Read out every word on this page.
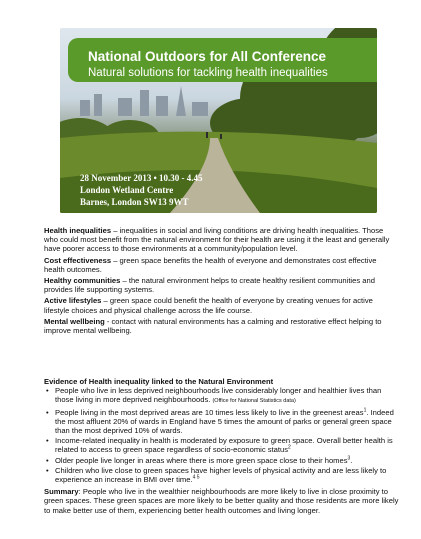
National Outdoors for All Conference
Natural solutions for tackling health inequalities
28 November 2013 • 10.30 - 4.45
London Wetland Centre
Barnes, London SW13 9WT
Health inequalities – inequalities in social and living conditions are driving health inequalities. Those who could most benefit from the natural environment for their health are using it the least and generally have poorer access to those environments at a community/population level.
Cost effectiveness – green space benefits the health of everyone and demonstrates cost effective health outcomes.
Healthy communities – the natural environment helps to create healthy resilient communities and provides life supporting systems.
Active lifestyles – green space could benefit the health of everyone by creating venues for active lifestyle choices and physical challenge across the life course.
Mental wellbeing - contact with natural environments has a calming and restorative effect helping to improve mental wellbeing.
Evidence of Health inequality linked to the Natural Environment
• People who live in less deprived neighbourhoods live considerably longer and healthier lives than those living in more deprived neighbourhoods. (Office for National Statistics data)
• People living in the most deprived areas are 10 times less likely to live in the greenest areas$^1$. Indeed the most affluent 20% of wards in England have 5 times the amount of parks or general green space than the most deprived 10% of wards.
• Income-related inequality in health is moderated by exposure to green space. Overall better health is related to access to green space regardless of socio-economic status$^2$
• Older people live longer in areas where there is more green space close to their homes$^3$.
• Children who live close to green spaces have higher levels of physical activity and are less likely to experience an increase in BMI over time.$^{4 5}$
Summary: People who live in the wealthier neighbourhoods are more likely to live in close proximity to green spaces. These green spaces are more likely to be better quality and those residents are more likely to make better use of them, experiencing better health outcomes and living longer.
